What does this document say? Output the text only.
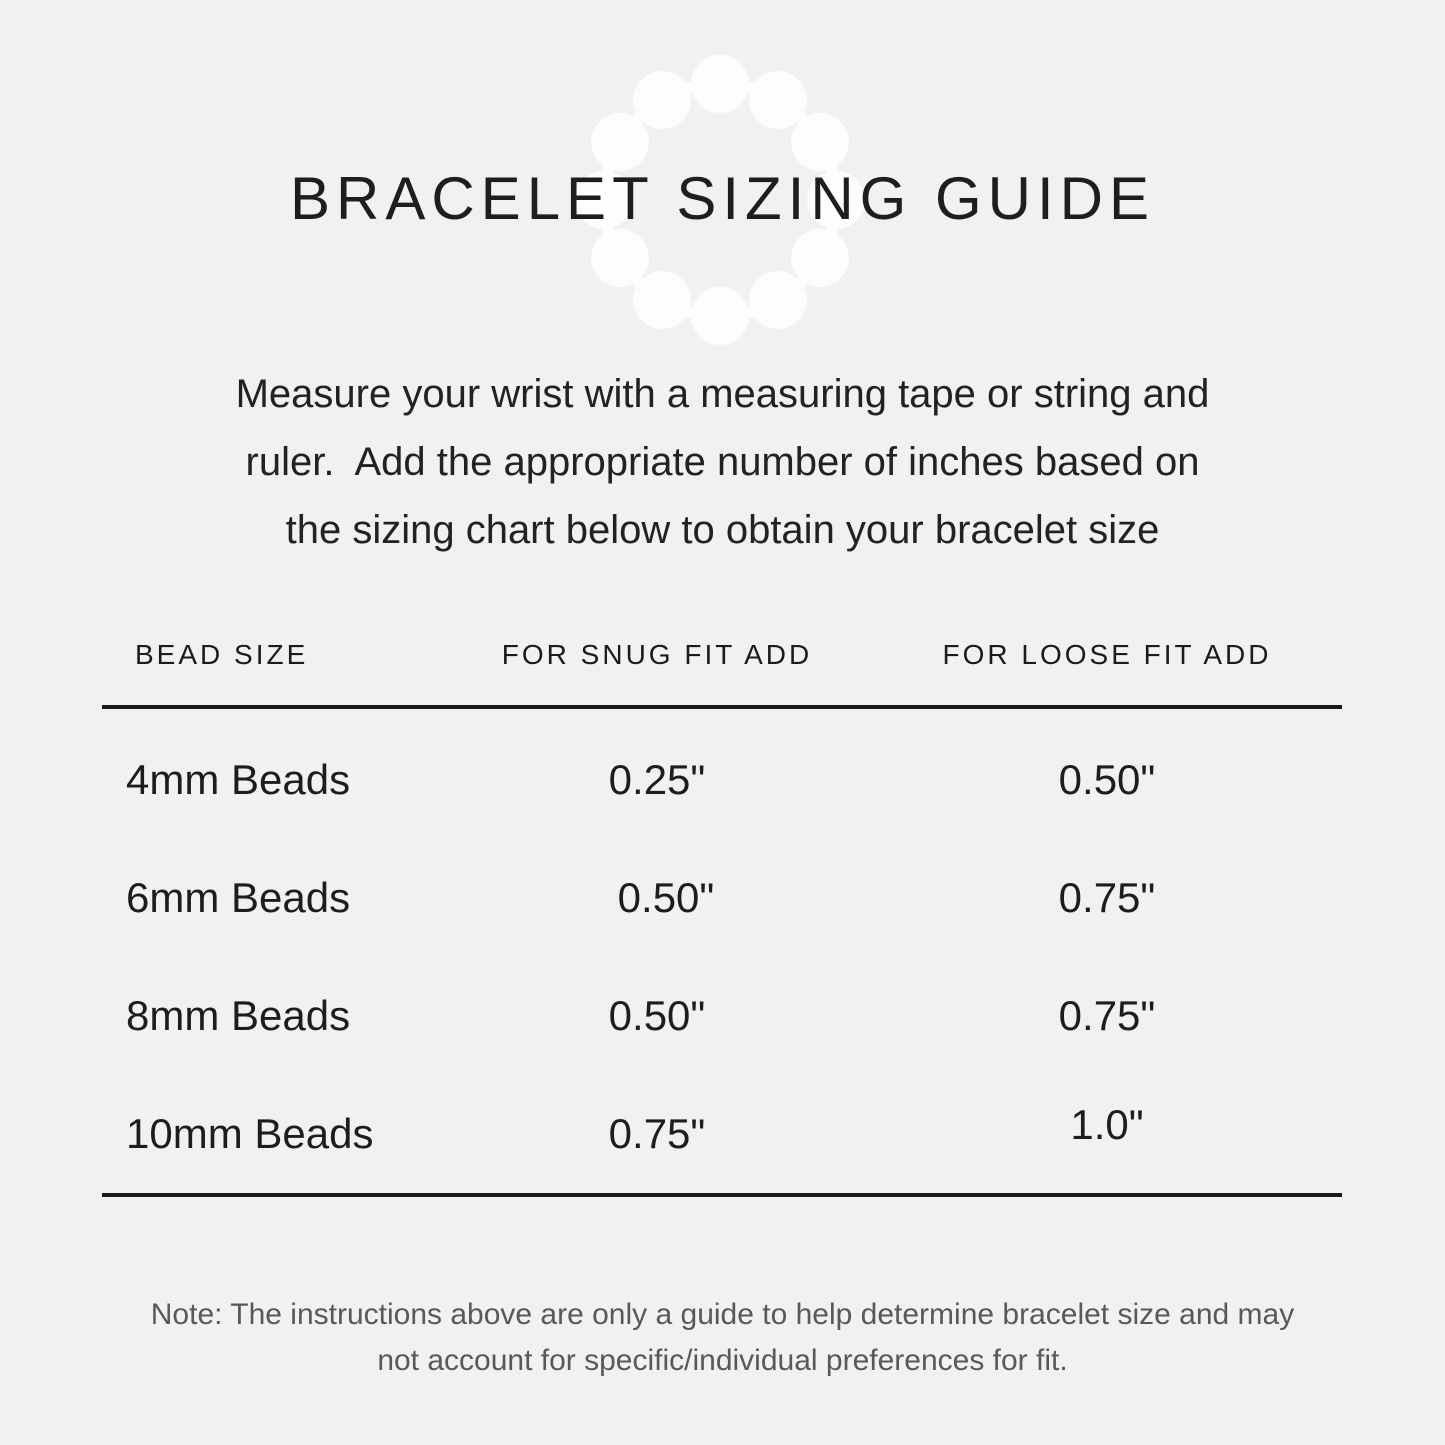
BRACELET SIZING GUIDE
Measure your wrist with a measuring tape or string and
ruler.  Add the appropriate number of inches based on
the sizing chart below to obtain your bracelet size
BEAD SIZE	FOR SNUG FIT ADD	FOR LOOSE FIT ADD
4mm Beads	0.25"	0.50"
6mm Beads	0.50"	0.75"
8mm Beads	0.50"	0.75"
10mm Beads	0.75"	1.0"
Note: The instructions above are only a guide to help determine bracelet size and may
not account for specific/individual preferences for fit.
